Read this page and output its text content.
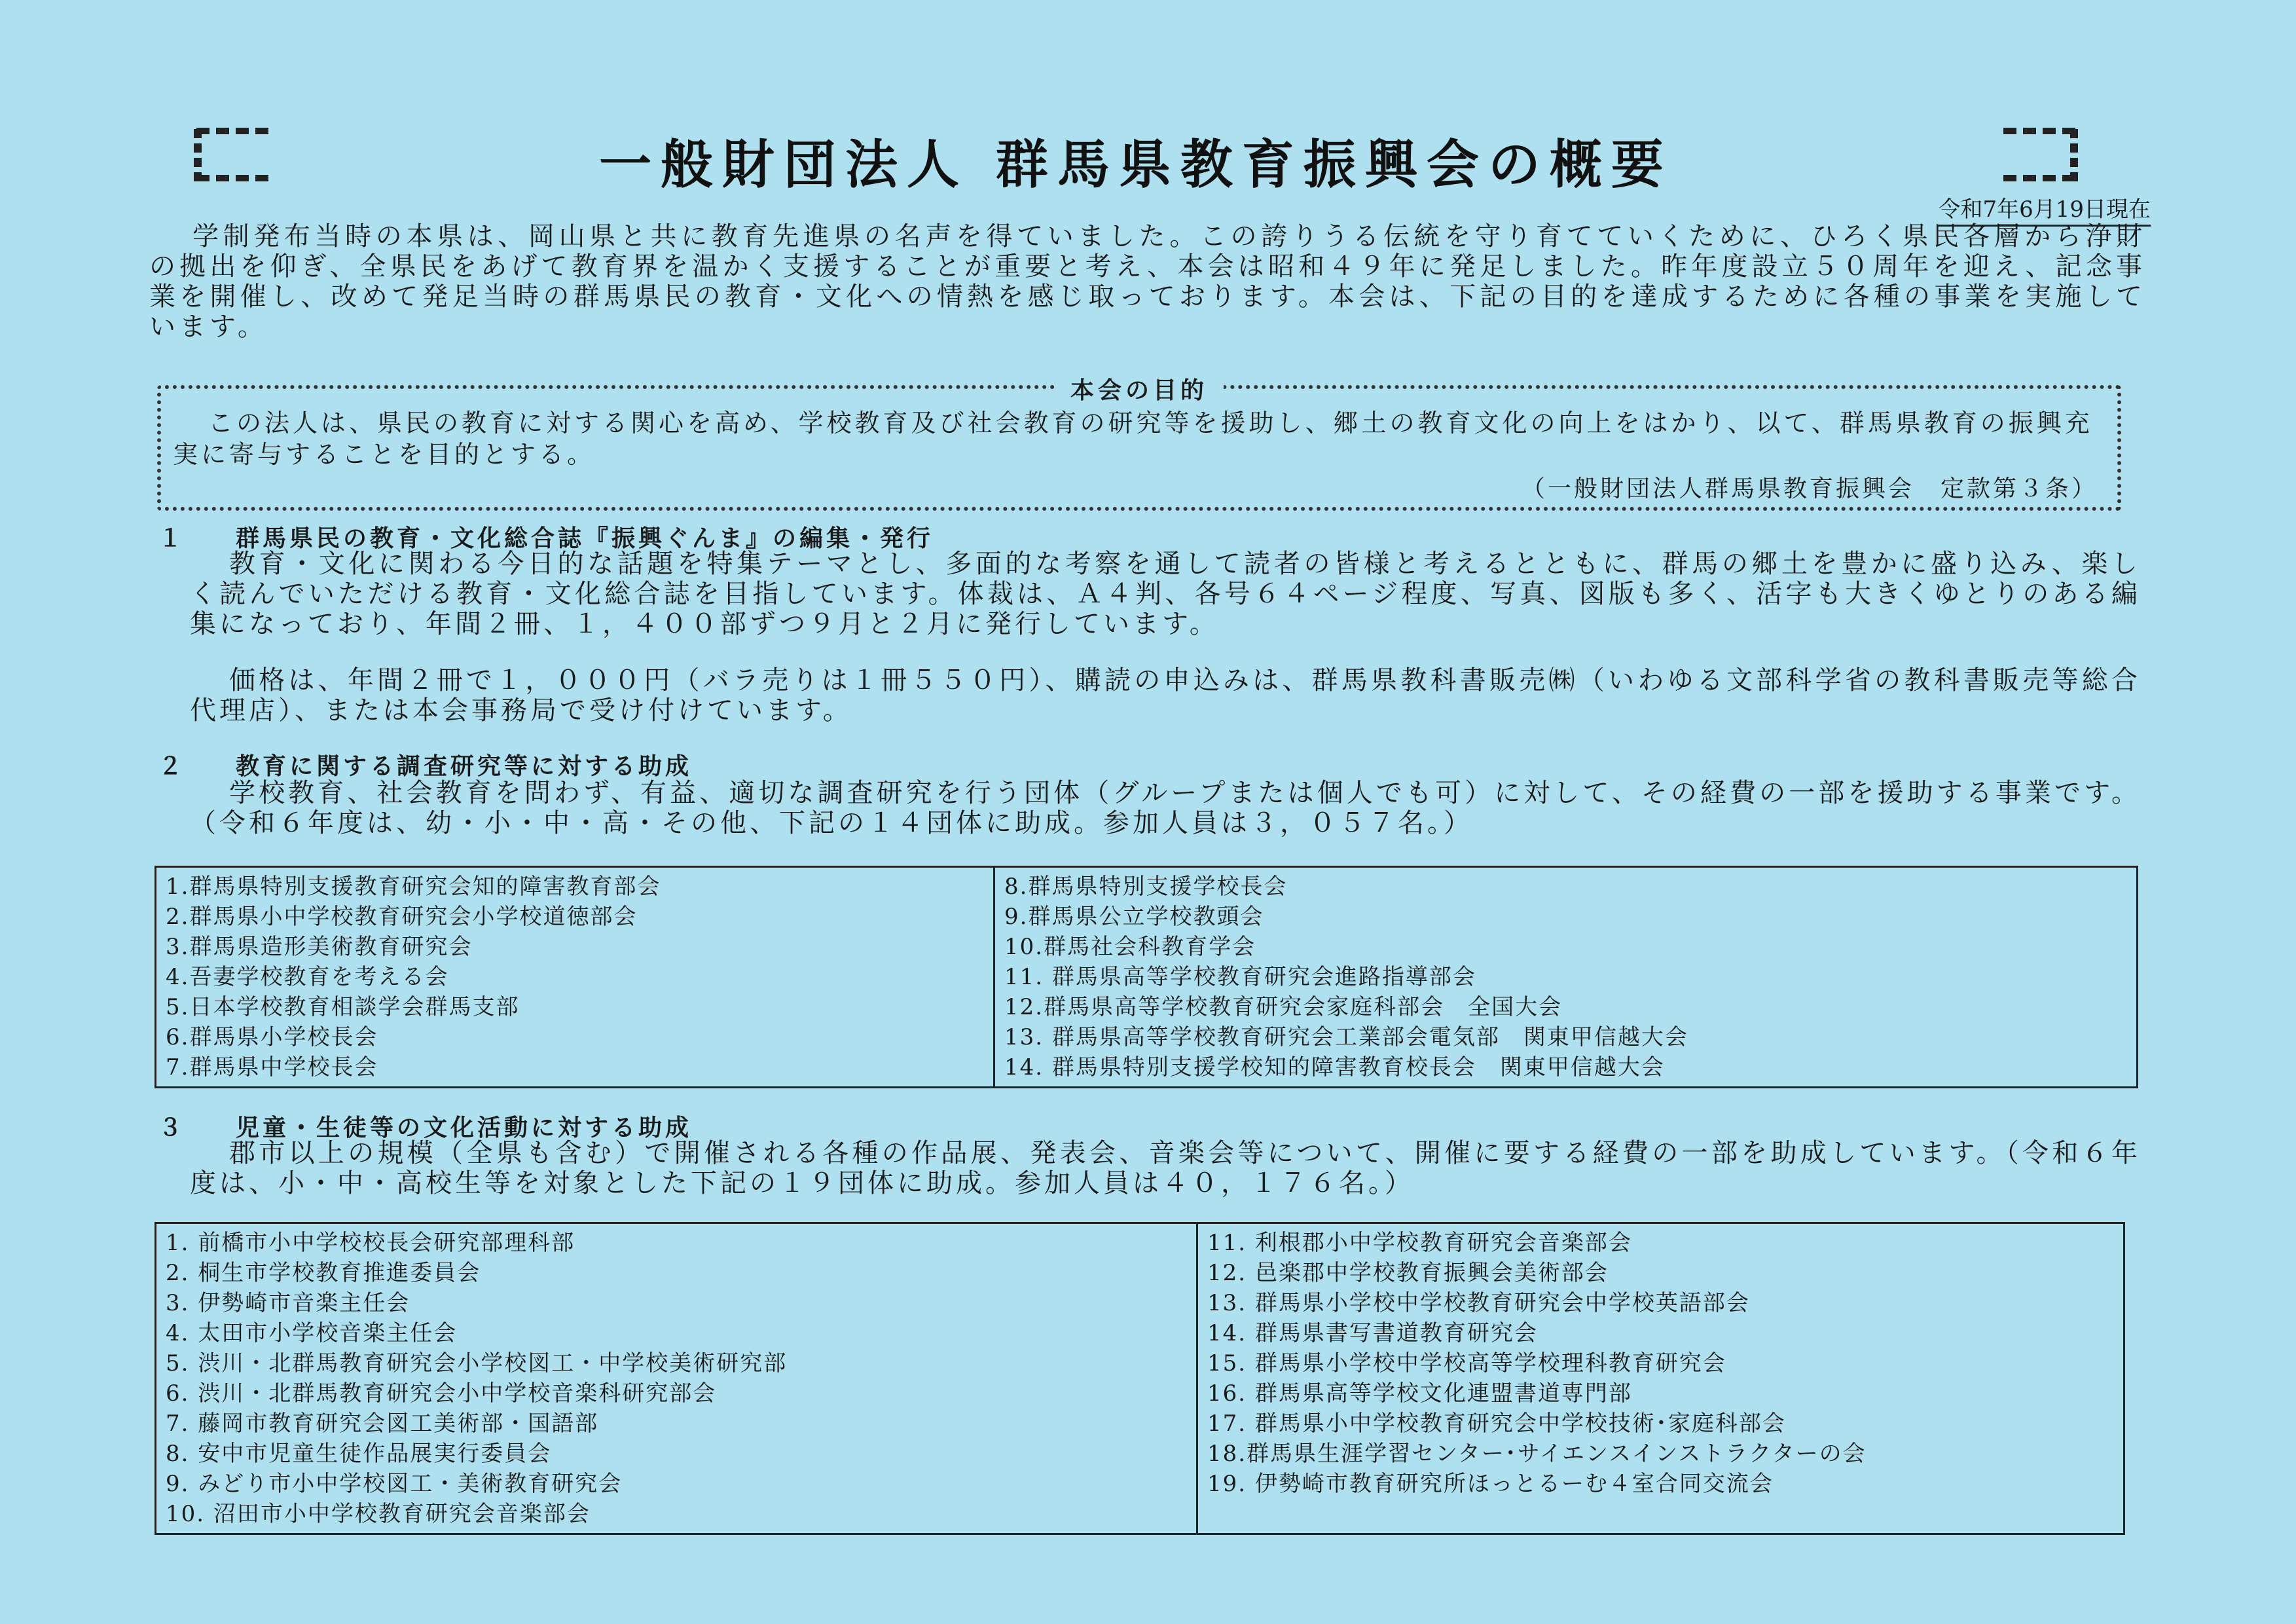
一般財団法人 群馬県教育振興会の概要
令和7年6月19日現在

学制発布当時の本県は、岡山県と共に教育先進県の名声を得ていました。この誇りうる伝統を守り育てていくために、ひろく県民各層から浄財の拠出を仰ぎ、全県民をあげて教育界を温かく支援することが重要と考え、本会は昭和４９年に発足しました。昨年度設立５０周年を迎え、記念事業を開催し、改めて発足当時の群馬県民の教育・文化への情熱を感じ取っております。本会は、下記の目的を達成するために各種の事業を実施しています。

本会の目的
この法人は、県民の教育に対する関心を高め、学校教育及び社会教育の研究等を援助し、郷土の教育文化の向上をはかり、以て、群馬県教育の振興充実に寄与することを目的とする。
（一般財団法人群馬県教育振興会　定款第３条）
１ 群馬県民の教育・文化総合誌『振興ぐんま』の編集・発行

教育・文化に関わる今日的な話題を特集テーマとし、多面的な考察を通して読者の皆様と考えるとともに、群馬の郷土を豊かに盛り込み、楽しく読んでいただける教育・文化総合誌を目指しています。体裁は、Ａ４判、各号６４ページ程度、写真、図版も多く、活字も大きくゆとりのある編集になっており、年間２冊、１，４００部ずつ９月と２月に発行しています。

価格は、年間２冊で１，０００円（バラ売りは１冊５５０円）、購読の申込みは、群馬県教科書販売㈱（いわゆる文部科学省の教科書販売等総合代理店）、または本会事務局で受け付けています。

２ 教育に関する調査研究等に対する助成

学校教育、社会教育を問わず、有益、適切な調査研究を行う団体（グループまたは個人でも可）に対して、その経費の一部を援助する事業です。（令和６年度は、幼・小・中・高・その他、下記の１４団体に助成。参加人員は３，０５７名。）

1.群馬県特別支援教育研究会知的障害教育部会
2.群馬県小中学校教育研究会小学校道徳部会
3.群馬県造形美術教育研究会
4.吾妻学校教育を考える会
5.日本学校教育相談学会群馬支部
6.群馬県小学校長会
7.群馬県中学校長会

8.群馬県特別支援学校長会
9.群馬県公立学校教頭会
10.群馬社会科教育学会
11. 群馬県高等学校教育研究会進路指導部会
12.群馬県高等学校教育研究会家庭科部会　全国大会
13. 群馬県高等学校教育研究会工業部会電気部　関東甲信越大会
14. 群馬県特別支援学校知的障害教育校長会　関東甲信越大会
３ 児童・生徒等の文化活動に対する助成

郡市以上の規模（全県も含む）で開催される各種の作品展、発表会、音楽会等について、開催に要する経費の一部を助成しています。（令和６年度は、小・中・高校生等を対象とした下記の１９団体に助成。参加人員は４０，１７６名。）

1. 前橋市小中学校校長会研究部理科部
2. 桐生市学校教育推進委員会
3. 伊勢崎市音楽主任会
4. 太田市小学校音楽主任会
5. 渋川・北群馬教育研究会小学校図工・中学校美術研究部
6. 渋川・北群馬教育研究会小中学校音楽科研究部会
7. 藤岡市教育研究会図工美術部・国語部
8. 安中市児童生徒作品展実行委員会
9. みどり市小中学校図工・美術教育研究会
10. 沼田市小中学校教育研究会音楽部会

11. 利根郡小中学校教育研究会音楽部会
12. 邑楽郡中学校教育振興会美術部会
13. 群馬県小学校中学校教育研究会中学校英語部会
14. 群馬県書写書道教育研究会
15. 群馬県小学校中学校高等学校理科教育研究会
16. 群馬県高等学校文化連盟書道専門部
17. 群馬県小中学校教育研究会中学校技術･家庭科部会
18.群馬県生涯学習センター･サイエンスインストラクターの会
19. 伊勢崎市教育研究所ほっとるーむ４室合同交流会
